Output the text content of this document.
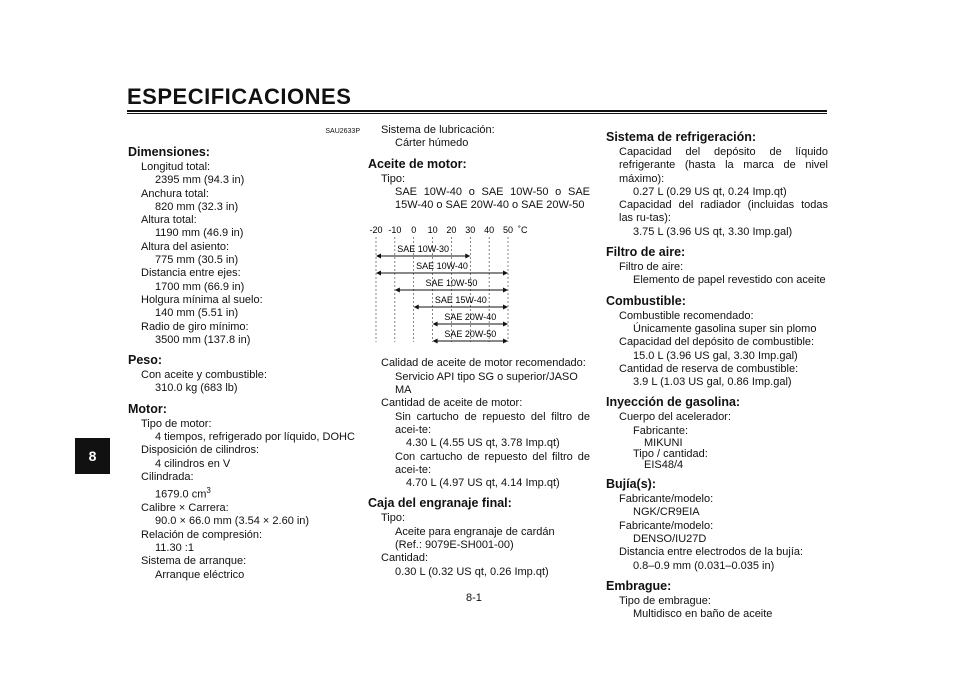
ESPECIFICACIONES
8
SAU2633P
Dimensiones:
Longitud total:
2395 mm (94.3 in)
Anchura total:
820 mm (32.3 in)
Altura total:
1190 mm (46.9 in)
Altura del asiento:
775 mm (30.5 in)
Distancia entre ejes:
1700 mm (66.9 in)
Holgura mínima al suelo:
140 mm (5.51 in)
Radio de giro mínimo:
3500 mm (137.8 in)
Peso:
Con aceite y combustible:
310.0 kg (683 lb)
Motor:
Tipo de motor:
4 tiempos, refrigerado por líquido, DOHC
Disposición de cilindros:
4 cilindros en V
Cilindrada:
1679.0 $cm^3$
Calibre × Carrera:
90.0 × 66.0 mm (3.54 × 2.60 in)
Relación de compresión:
11.30 :1
Sistema de arranque:
Arranque eléctrico
Sistema de lubricación:
Cárter húmedo
Aceite de motor:
Tipo:
SAE 10W-40 o SAE 10W-50 o SAE 15W-40 o SAE 20W-40 o SAE 20W-50
-20 -10 0 10 20 30 40 50 ˚C
SAE 10W-30
SAE 10W-40
SAE 10W-50
SAE 15W-40
SAE 20W-40
SAE 20W-50
Calidad de aceite de motor recomendado:
Servicio API tipo SG o superior/JASO MA
Cantidad de aceite de motor:
Sin cartucho de repuesto del filtro de acei-te:
4.30 L (4.55 US qt, 3.78 Imp.qt)
Con cartucho de repuesto del filtro de acei-te:
4.70 L (4.97 US qt, 4.14 Imp.qt)
Caja del engranaje final:
Tipo:
Aceite para engranaje de cardán
(Ref.: 9079E-SH001-00)
Cantidad:
0.30 L (0.32 US qt, 0.26 Imp.qt)
Sistema de refrigeración:
Capacidad del depósito de líquido refrigerante (hasta la marca de nivel máximo):
0.27 L (0.29 US qt, 0.24 Imp.qt)
Capacidad del radiador (incluidas todas las ru-tas):
3.75 L (3.96 US qt, 3.30 Imp.gal)
Filtro de aire:
Filtro de aire:
Elemento de papel revestido con aceite
Combustible:
Combustible recomendado:
Únicamente gasolina super sin plomo
Capacidad del depósito de combustible:
15.0 L (3.96 US gal, 3.30 Imp.gal)
Cantidad de reserva de combustible:
3.9 L (1.03 US gal, 0.86 Imp.gal)
Inyección de gasolina:
Cuerpo del acelerador:
Fabricante:
MIKUNI
Tipo / cantidad:
EIS48/4
Bujía(s):
Fabricante/modelo:
NGK/CR9EIA
Fabricante/modelo:
DENSO/IU27D
Distancia entre electrodos de la bujía:
0.8–0.9 mm (0.031–0.035 in)
Embrague:
Tipo de embrague:
Multidisco en baño de aceite
8-1
